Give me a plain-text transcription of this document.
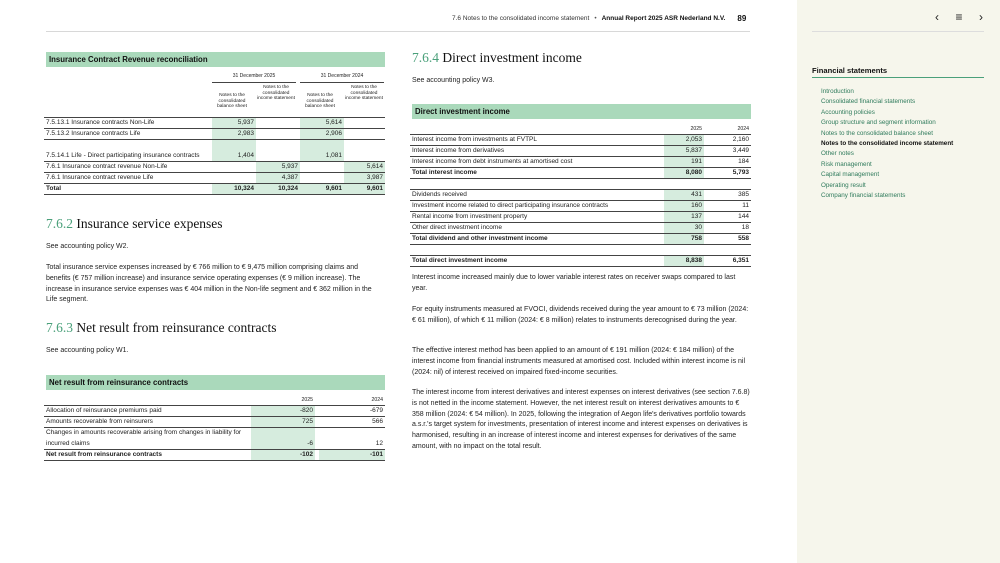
7.6 Notes to the consolidated income statement • Annual Report 2025 ASR Nederland N.V. 89
Insurance Contract Revenue reconciliation
31 December 2025	31 December 2024
Notes to the consolidated balance sheet
Notes to the consolidated income statement
Notes to the consolidated balance sheet
Notes to the consolidated income statement
7.5.13.1 Insurance contracts Non-Life	5,937		5,614	
7.5.13.2 Insurance contracts Life	2,983		2,906	
7.5.14.1 Life - Direct participating insurance contracts	1,404		1,081	
7.6.1 Insurance contract revenue Non-Life		5,937		5,614
7.6.1 Insurance contract revenue Life		4,387		3,987
Total	10,324	10,324	9,601	9,601
7.6.2 Insurance service expenses
See accounting policy W2.
Total insurance service expenses increased by € 766 million to € 9,475 million comprising claims and benefits (€ 757 million increase) and insurance service operating expenses (€ 9 million increase). The increase in insurance service expenses was € 404 million in the Non-life segment and € 362 million in the Life segment.
7.6.3 Net result from reinsurance contracts
See accounting policy W1.
Net result from reinsurance contracts
		2025		2024
Allocation of reinsurance premiums paid		-820		-679
Amounts recoverable from reinsurers		725		566
Changes in amounts recoverable arising from changes in liability for incurred claims		-6		12
Net result from reinsurance contracts		-102		-101
7.6.4 Direct investment income
See accounting policy W3.
Direct investment income
		2025		2024
Interest income from investments at FVTPL		2,053		2,160
Interest income from derivatives		5,837		3,449
Interest income from debt instruments at amortised cost		191		184
Total interest income		8,080		5,793

Dividends received		431		385
Investment income related to direct participating insurance contracts		160		11
Rental income from investment property		137		144
Other direct investment income		30		18
Total dividend and other investment income		758		558

Total direct investment income		8,838		6,351
Interest income increased mainly due to lower variable interest rates on receiver swaps compared to last year.
For equity instruments measured at FVOCI, dividends received during the year amount to € 73 million (2024: € 61 million), of which € 11 million (2024: € 8 million) relates to instruments derecognised during the year.
The effective interest method has been applied to an amount of € 191 million (2024: € 184 million) of the interest income from financial instruments measured at amortised cost. Included within interest income is nil (2024: nil) of interest received on impaired fixed-income securities.
The interest income from interest derivatives and interest expenses on interest derivatives (see section 7.6.8) is not netted in the income statement. However, the net interest result on interest derivatives amounts to € 358 million (2024: € 54 million). In 2025, following the integration of Aegon life's derivatives portfolio towards a.s.r.'s target system for investments, presentation of interest income and interest expenses on derivatives is harmonised, resulting in an increase of interest income and interest expenses for derivatives of the same amount, with no impact on the total result.
‹	≡	›
Financial statements
Introduction
Consolidated financial statements
Accounting policies
Group structure and segment information
Notes to the consolidated balance sheet
Notes to the consolidated income statement
Other notes
Risk management
Capital management
Operating result
Company financial statements
